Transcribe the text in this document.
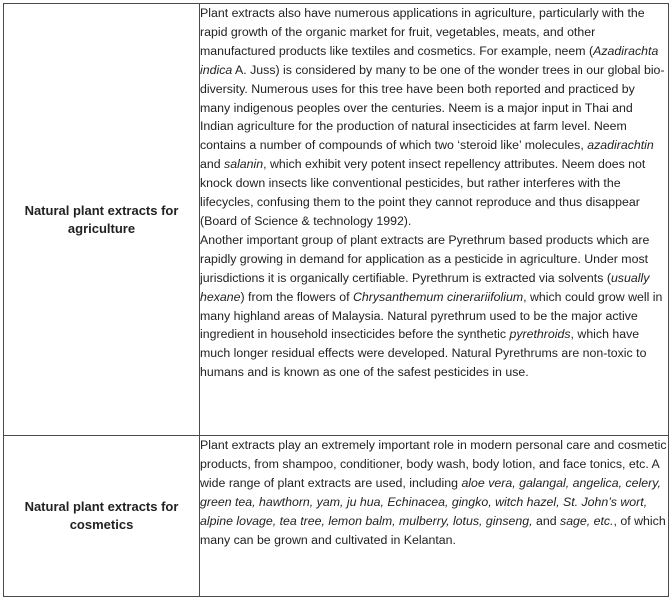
Natural plant extracts for agriculture	Plant extracts also have numerous applications in agriculture, particularly with the rapid growth of the organic market for fruit, vegetables, meats, and other manufactured products like textiles and cosmetics. For example, neem (Azadirachta indica A. Juss) is considered by many to be one of the wonder trees in our global bio-diversity. Numerous uses for this tree have been both reported and practiced by many indigenous peoples over the centuries. Neem is a major input in Thai and Indian agriculture for the production of natural insecticides at farm level. Neem contains a number of compounds of which two ‘steroid like’ molecules, azadirachtin and salanin, which exhibit very potent insect repellency attributes. Neem does not knock down insects like conventional pesticides, but rather interferes with the lifecycles, confusing them to the point they cannot reproduce and thus disappear (Board of Science & technology 1992).

Another important group of plant extracts are Pyrethrum based products which are rapidly growing in demand for application as a pesticide in agriculture. Under most jurisdictions it is organically certifiable. Pyrethrum is extracted via solvents (usually hexane) from the flowers of Chrysanthemum cinerariifolium, which could grow well in many highland areas of Malaysia. Natural pyrethrum used to be the major active ingredient in household insecticides before the synthetic pyrethroids, which have much longer residual effects were developed. Natural Pyrethrums are non-toxic to humans and is known as one of the safest pesticides in use.

Natural plant extracts for cosmetics	Plant extracts play an extremely important role in modern personal care and cosmetic products, from shampoo, conditioner, body wash, body lotion, and face tonics, etc. A wide range of plant extracts are used, including aloe vera, galangal, angelica, celery, green tea, hawthorn, yam, ju hua, Echinacea, gingko, witch hazel, St. John’s wort, alpine lovage, tea tree, lemon balm, mulberry, lotus, ginseng, and sage, etc., of which many can be grown and cultivated in Kelantan.
